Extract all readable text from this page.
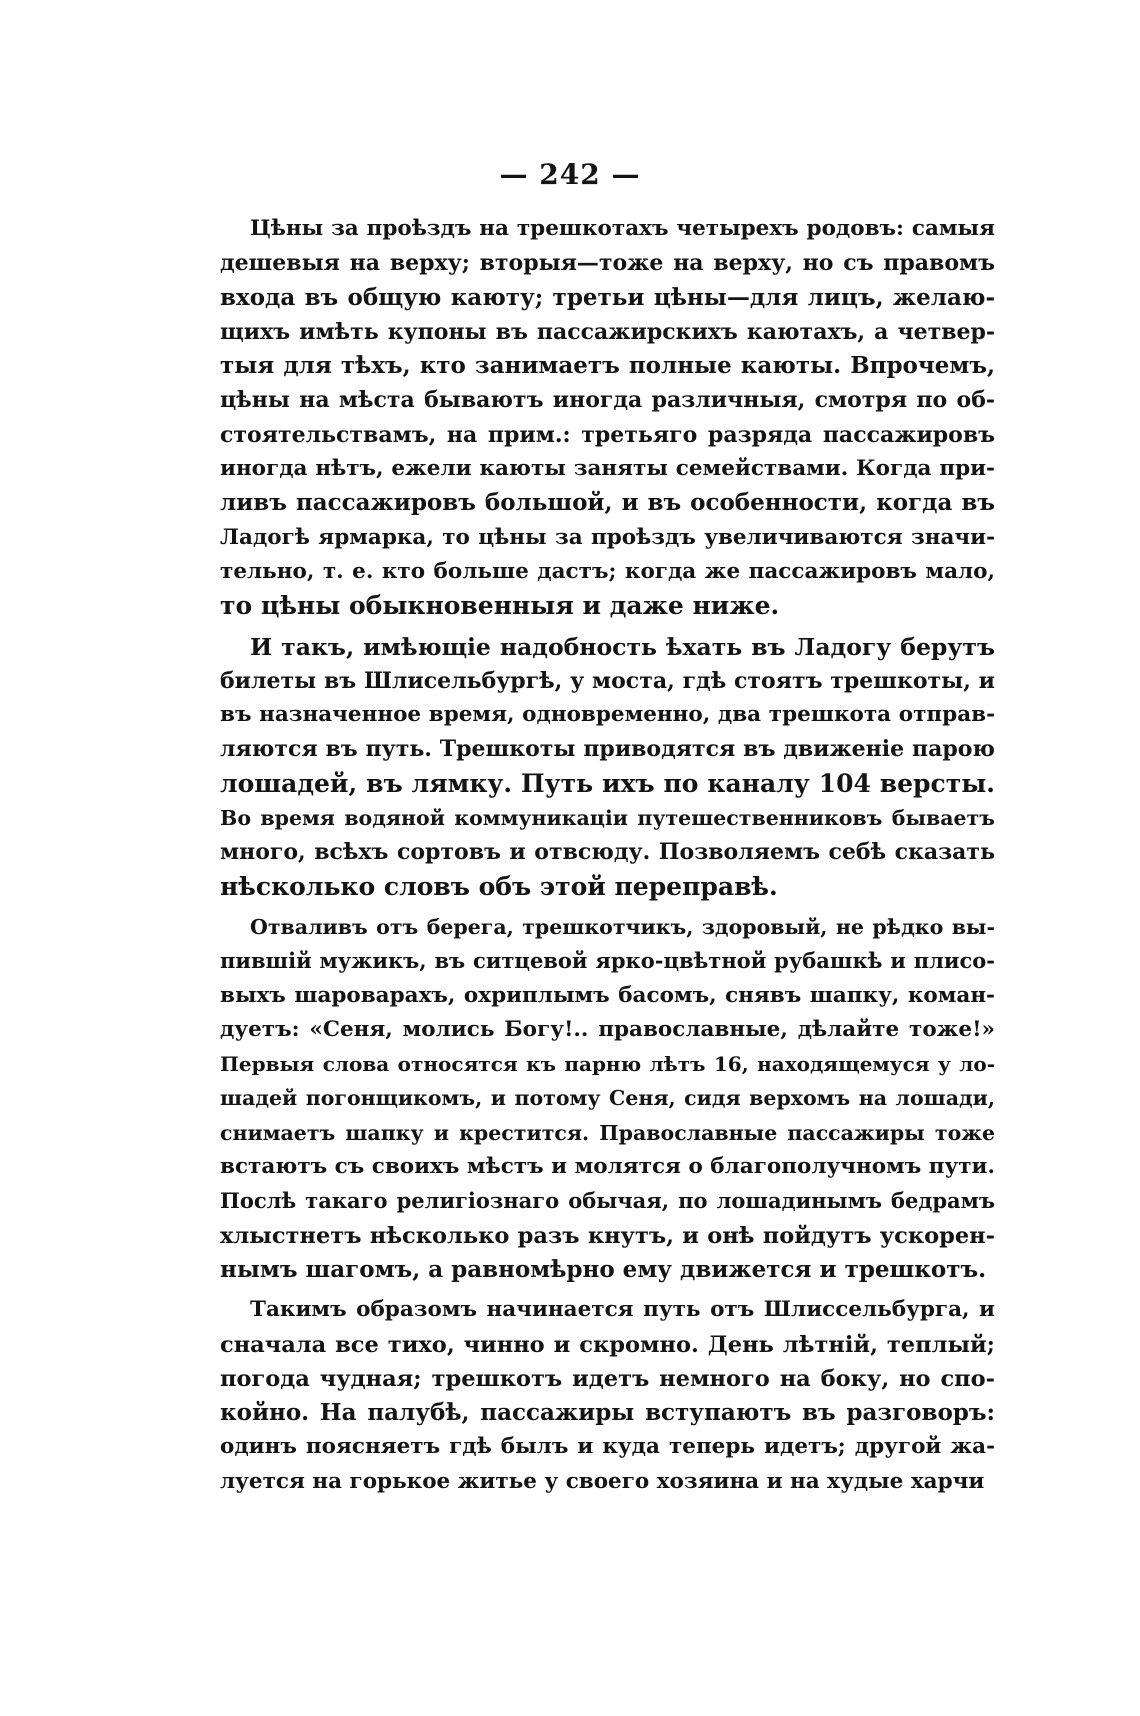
— 242 —
Цѣны за проѣздъ на трешкотахъ четырехъ родовъ: самыя
дешевыя на верху; вторыя—тоже на верху, но съ правомъ
входа въ общую каюту; третьи цѣны—для лицъ, желаю-
щихъ имѣть купоны въ пассажирскихъ каютахъ, а четвер-
тыя для тѣхъ, кто занимаетъ полные каюты. Впрочемъ,
цѣны на мѣста бываютъ иногда различныя, смотря по об-
стоятельствамъ, на прим.: третьяго разряда пассажировъ
иногда нѣтъ, ежели каюты заняты семействами. Когда при-
ливъ пассажировъ большой, и въ особенности, когда въ
Ладогѣ ярмарка, то цѣны за проѣздъ увеличиваются значи-
тельно, т. е. кто больше дастъ; когда же пассажировъ мало,
то цѣны обыкновенныя и даже ниже.
И такъ, имѣющіе надобность ѣхать въ Ладогу берутъ
билеты въ Шлисельбургѣ, у моста, гдѣ стоятъ трешкоты, и
въ назначенное время, одновременно, два трешкота отправ-
ляются въ путь. Трешкоты приводятся въ движеніе парою
лошадей, въ лямку. Путь ихъ по каналу 104 версты.
Во время водяной коммуникаціи путешественниковъ бываетъ
много, всѣхъ сортовъ и отвсюду. Позволяемъ себѣ сказать
нѣсколько словъ объ этой переправѣ.
Отваливъ отъ берега, трешкотчикъ, здоровый, не рѣдко вы-
пившій мужикъ, въ ситцевой ярко-цвѣтной рубашкѣ и плисо-
выхъ шароварахъ, охриплымъ басомъ, снявъ шапку, коман-
дуетъ: «Сеня, молись Богу!.. православные, дѣлайте тоже!»
Первыя слова относятся къ парню лѣтъ 16, находящемуся у ло-
шадей погонщикомъ, и потому Сеня, сидя верхомъ на лошади,
снимаетъ шапку и крестится. Православные пассажиры тоже
встаютъ съ своихъ мѣстъ и молятся о благополучномъ пути.
Послѣ такаго религіознаго обычая, по лошадинымъ бедрамъ
хлыстнетъ нѣсколько разъ кнутъ, и онѣ пойдутъ ускорен-
нымъ шагомъ, а равномѣрно ему движется и трешкотъ.
Такимъ образомъ начинается путь отъ Шлиссельбурга, и
сначала все тихо, чинно и скромно. День лѣтній, теплый;
погода чудная; трешкотъ идетъ немного на боку, но спо-
койно. На палубѣ, пассажиры вступаютъ въ разговоръ:
одинъ поясняетъ гдѣ былъ и куда теперь идетъ; другой жа-
луется на горькое житье у своего хозяина и на худые харчи
